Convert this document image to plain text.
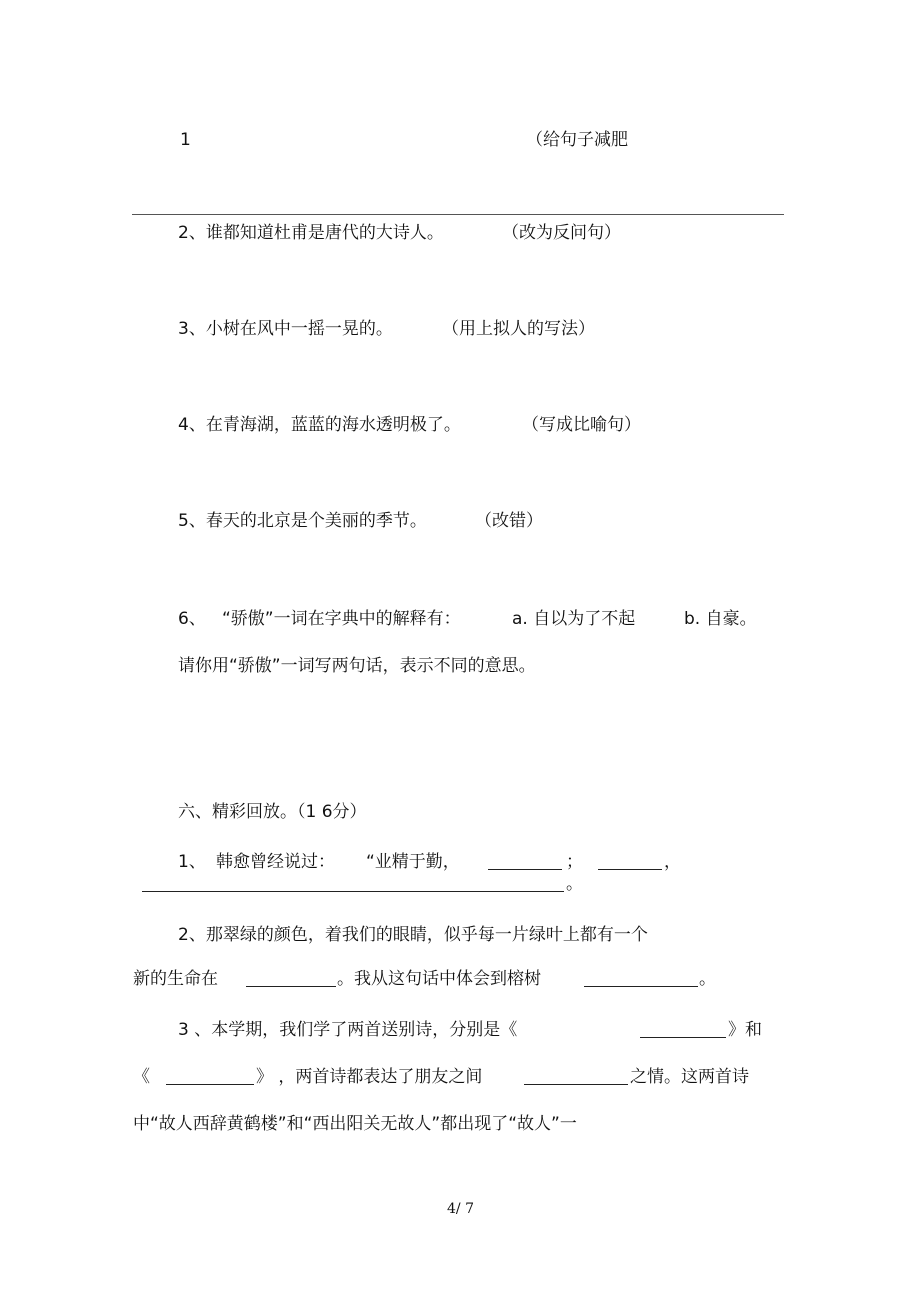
1	（给句子减肥
2、谁都知道杜甫是唐代的大诗人。	（改为反问句）
3、小树在风中一摇一晃的。	（用上拟人的写法）
4、在青海湖，蓝蓝的海水透明极了。	（写成比喻句）
5、春天的北京是个美丽的季节。	（改错）
6、 “骄傲”一词在字典中的解释有：	a. 自以为了不起	b. 自豪。
请你用“骄傲”一词写两句话，表示不同的意思。
六、精彩回放。（1 6分）
1、 韩愈曾经说过： “业精于勤，	；	，
。
2、那翠绿的颜色，着我们的眼睛，似乎每一片绿叶上都有一个
新的生命在	。我从这句话中体会到榕树	。
3 、本学期，我们学了两首送别诗，分别是《	》和
《	》 ，两首诗都表达了朋友之间	之情。这两首诗
中“故人西辞黄鹤楼”和“西出阳关无故人”都出现了“故人”一
4/ 7
